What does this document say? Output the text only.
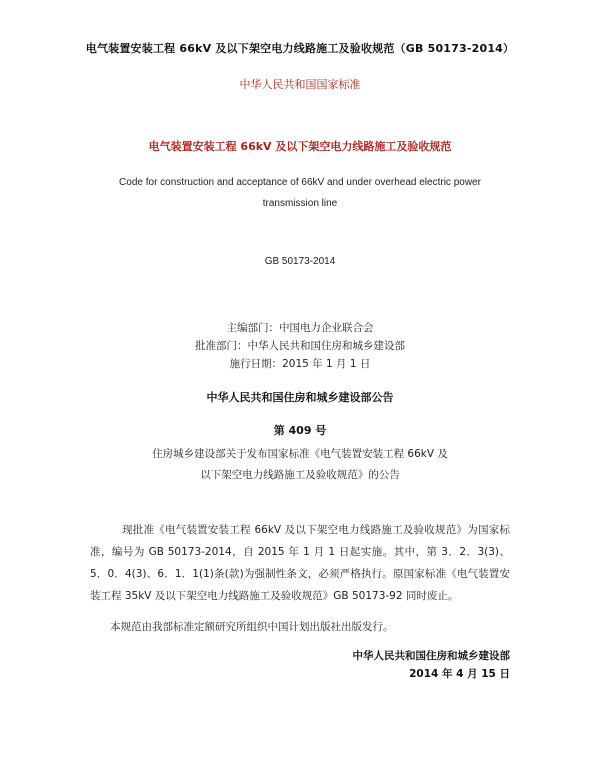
电气装置安装工程 66kV 及以下架空电力线路施工及验收规范（GB 50173-2014）
中华人民共和国国家标准
电气装置安装工程 66kV 及以下架空电力线路施工及验收规范
Code for construction and acceptance of 66kV and under overhead electric power transmission line
GB 50173-2014
主编部门：中国电力企业联合会
批准部门：中华人民共和国住房和城乡建设部
施行日期：2015 年 1 月 1 日
中华人民共和国住房和城乡建设部公告
第 409 号
住房城乡建设部关于发布国家标准《电气装置安装工程 66kV 及以下架空电力线路施工及验收规范》的公告
现批准《电气装置安装工程 66kV 及以下架空电力线路施工及验收规范》为国家标准，编号为 GB 50173-2014，自 2015 年 1 月 1 日起实施。其中，第 3．2．3(3)、5．0．4(3)、6．1．1(1)条(款)为强制性条文，必须严格执行。原国家标准《电气装置安装工程 35kV 及以下架空电力线路施工及验收规范》GB 50173-92 同时废止。
本规范由我部标准定额研究所组织中国计划出版社出版发行。
中华人民共和国住房和城乡建设部
2014 年 4 月 15 日
